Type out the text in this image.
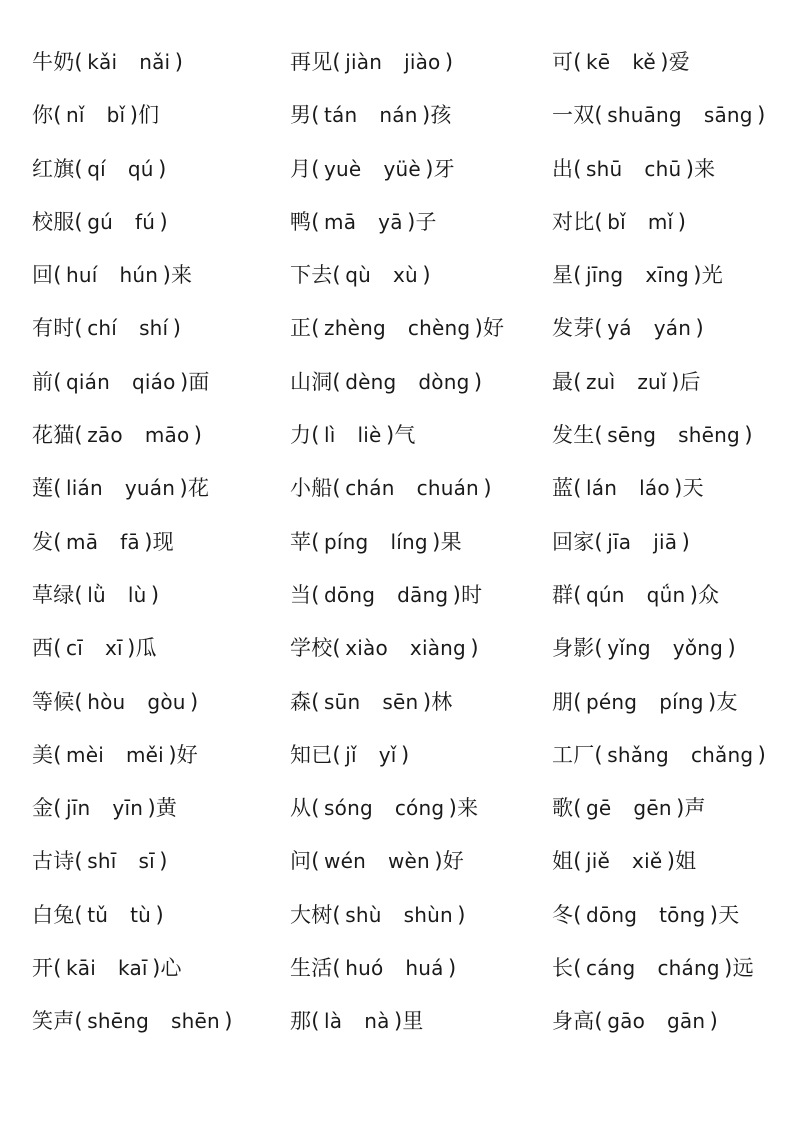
牛奶(  kǎi nǎi  )	再见(  jiàn jiào  )	可(  kē kě  )爱
你(  nǐ bǐ  )们	男(  tán nán  )孩	一双(  shuāng sāng  )
红旗(  qí qú  )	月(  yuè yüè  )牙	出(  shū chū  )来
校服(  gú fú  )	鸭(  mā yā  )子	对比(  bǐ mǐ  )
回(  huí hún  )来	下去(  qù xù  )	星(  jīng xīng  )光
有时(  chí shí  )	正(  zhèng chèng  )好	发芽(  yá yán  )
前(  qián qiáo  )面	山洞(  dèng dòng  )	最(  zuì zuǐ  )后
花猫(  zāo māo  )	力(  lì liè  )气	发生(  sēng shēng  )
莲(  lián yuán  )花	小船(  chán chuán  )	蓝(  lán láo  )天
发(  mā fā  )现	苹(  píng líng  )果	回家(  jīa jiā  )
草绿(  lǜ lù  )	当(  dōng dāng  )时	群(  qún qǘn  )众
西(  cī xī  )瓜	学校(  xiào xiàng  )	身影(  yǐng yǒng  )
等候(  hòu gòu  )	森(  sūn sēn  )林	朋(  péng píng  )友
美(  mèi měi  )好	知已(  jǐ yǐ  )	工厂(  shǎng chǎng  )
金(  jīn yīn  )黄	从(  sóng cóng  )来	歌(  gē gēn  )声
古诗(  shī sī  )	问(  wén wèn  )好	姐(  jiě xiě  )姐
白兔(  tǔ tù  )	大树(  shù shùn  )	冬(  dōng tōng  )天
开(  kāi kaī  )心	生活(  huó huá  )	长(  cáng cháng  )远
笑声(  shēng shēn  )	那(  là nà  )里	身高(  gāo gān  )
